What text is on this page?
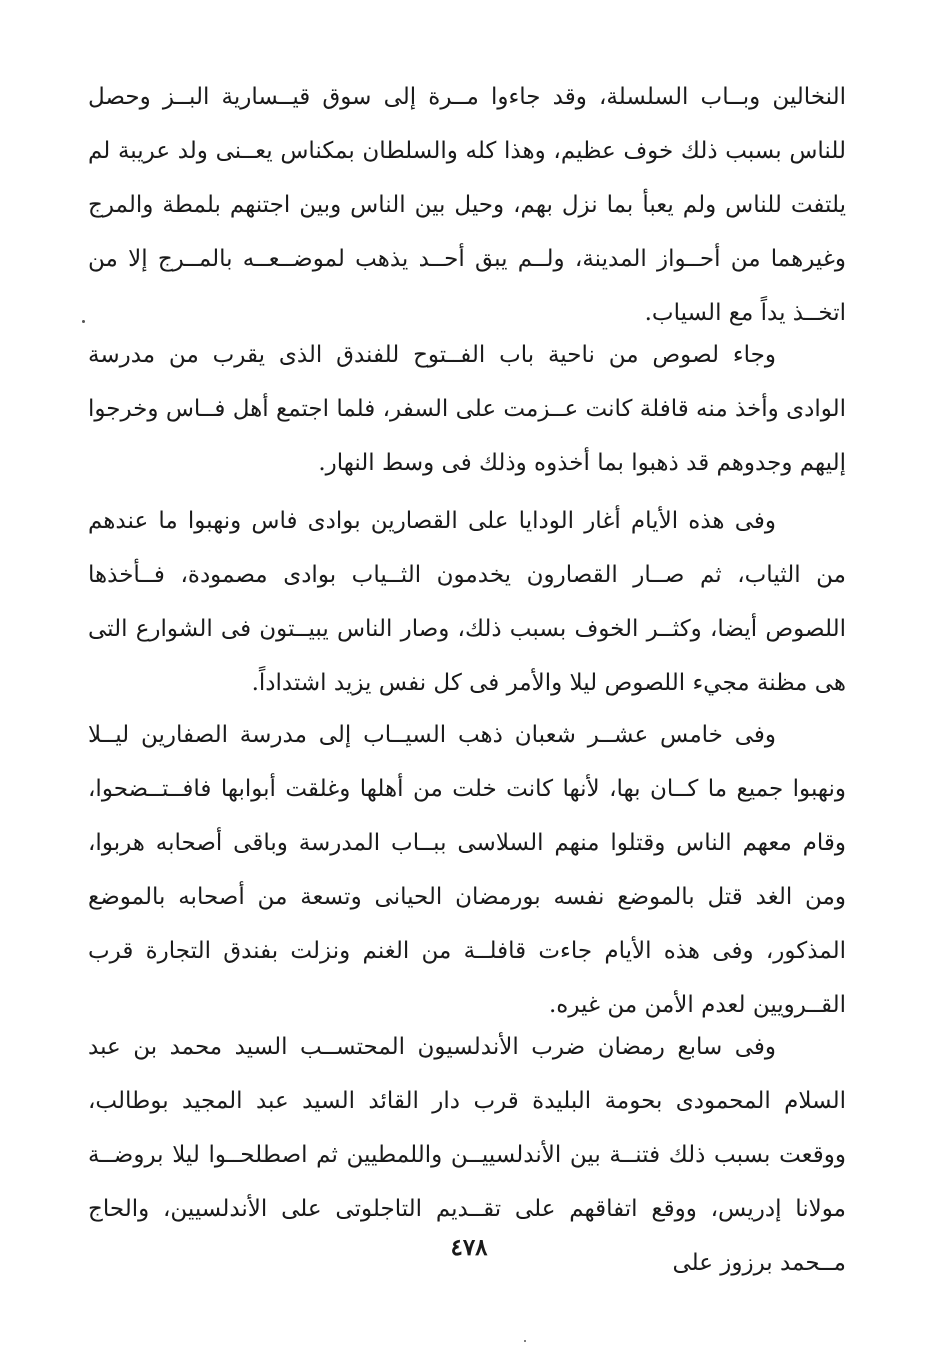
النخالين وبــاب السلسلة، وقد جاءوا مــرة إلى سوق قيــسارية البــز وحصل للناس بسبب ذلك خوف عظيم، وهذا كله والسلطان بمكناس يعــنى ولد عريبة لم يلتفت للناس ولم يعبأ بما نزل بهم، وحيل بين الناس وبين اجتنهم بلمطة والمرج وغيرهما من أحــواز المدينة، ولــم يبق أحــد يذهب لموضــعــه بالمــرج إلا من اتخــذ يداً مع السياب.

وجاء لصوص من ناحية باب الفــتوح للفندق الذى يقرب من مدرسة الوادى وأخذ منه قافلة كانت عــزمت على السفر، فلما اجتمع أهل فــاس وخرجوا إليهم وجدوهم قد ذهبوا بما أخذوه وذلك فى وسط النهار.

وفى هذه الأيام أغار الودايا على القصارين بوادى فاس ونهبوا ما عندهم من الثياب، ثم صــار القصارون يخدمون الثــياب بوادى مصمودة، فــأخذها اللصوص أيضا، وكثــر الخوف بسبب ذلك، وصار الناس يبيــتون فى الشوارع التى هى مظنة مجيء اللصوص ليلا والأمر فى كل نفس يزيد اشتداداً.

وفى خامس عشــر شعبان ذهب السيــاب إلى مدرسة الصفارين ليــلا ونهبوا جميع ما كــان بها، لأنها كانت خلت من أهلها وغلقت أبوابها فافــتــضحوا، وقام معهم الناس وقتلوا منهم السلاسى ببــاب المدرسة وباقى أصحابه هربوا، ومن الغد قتل بالموضع نفسه بورمضان الحيانى وتسعة من أصحابه بالموضع المذكور، وفى هذه الأيام جاءت قافلــة من الغنم ونزلت بفندق التجارة قرب القــرويين لعدم الأمن من غيره.

وفى سابع رمضان ضرب الأندلسيون المحتســب السيد محمد بن عبد السلام المحمودى بحومة البليدة قرب دار القائد السيد عبد المجيد بوطالب، ووقعت بسبب ذلك فتنــة بين الأندلسييــن واللمطيين ثم اصطلحــوا ليلا بروضــة مولانا إدريس، ووقع اتفاقهم على تقــديم التاجلوتى على الأندلسيين، والحاج مــحمد برزوز على

٤٧٨
